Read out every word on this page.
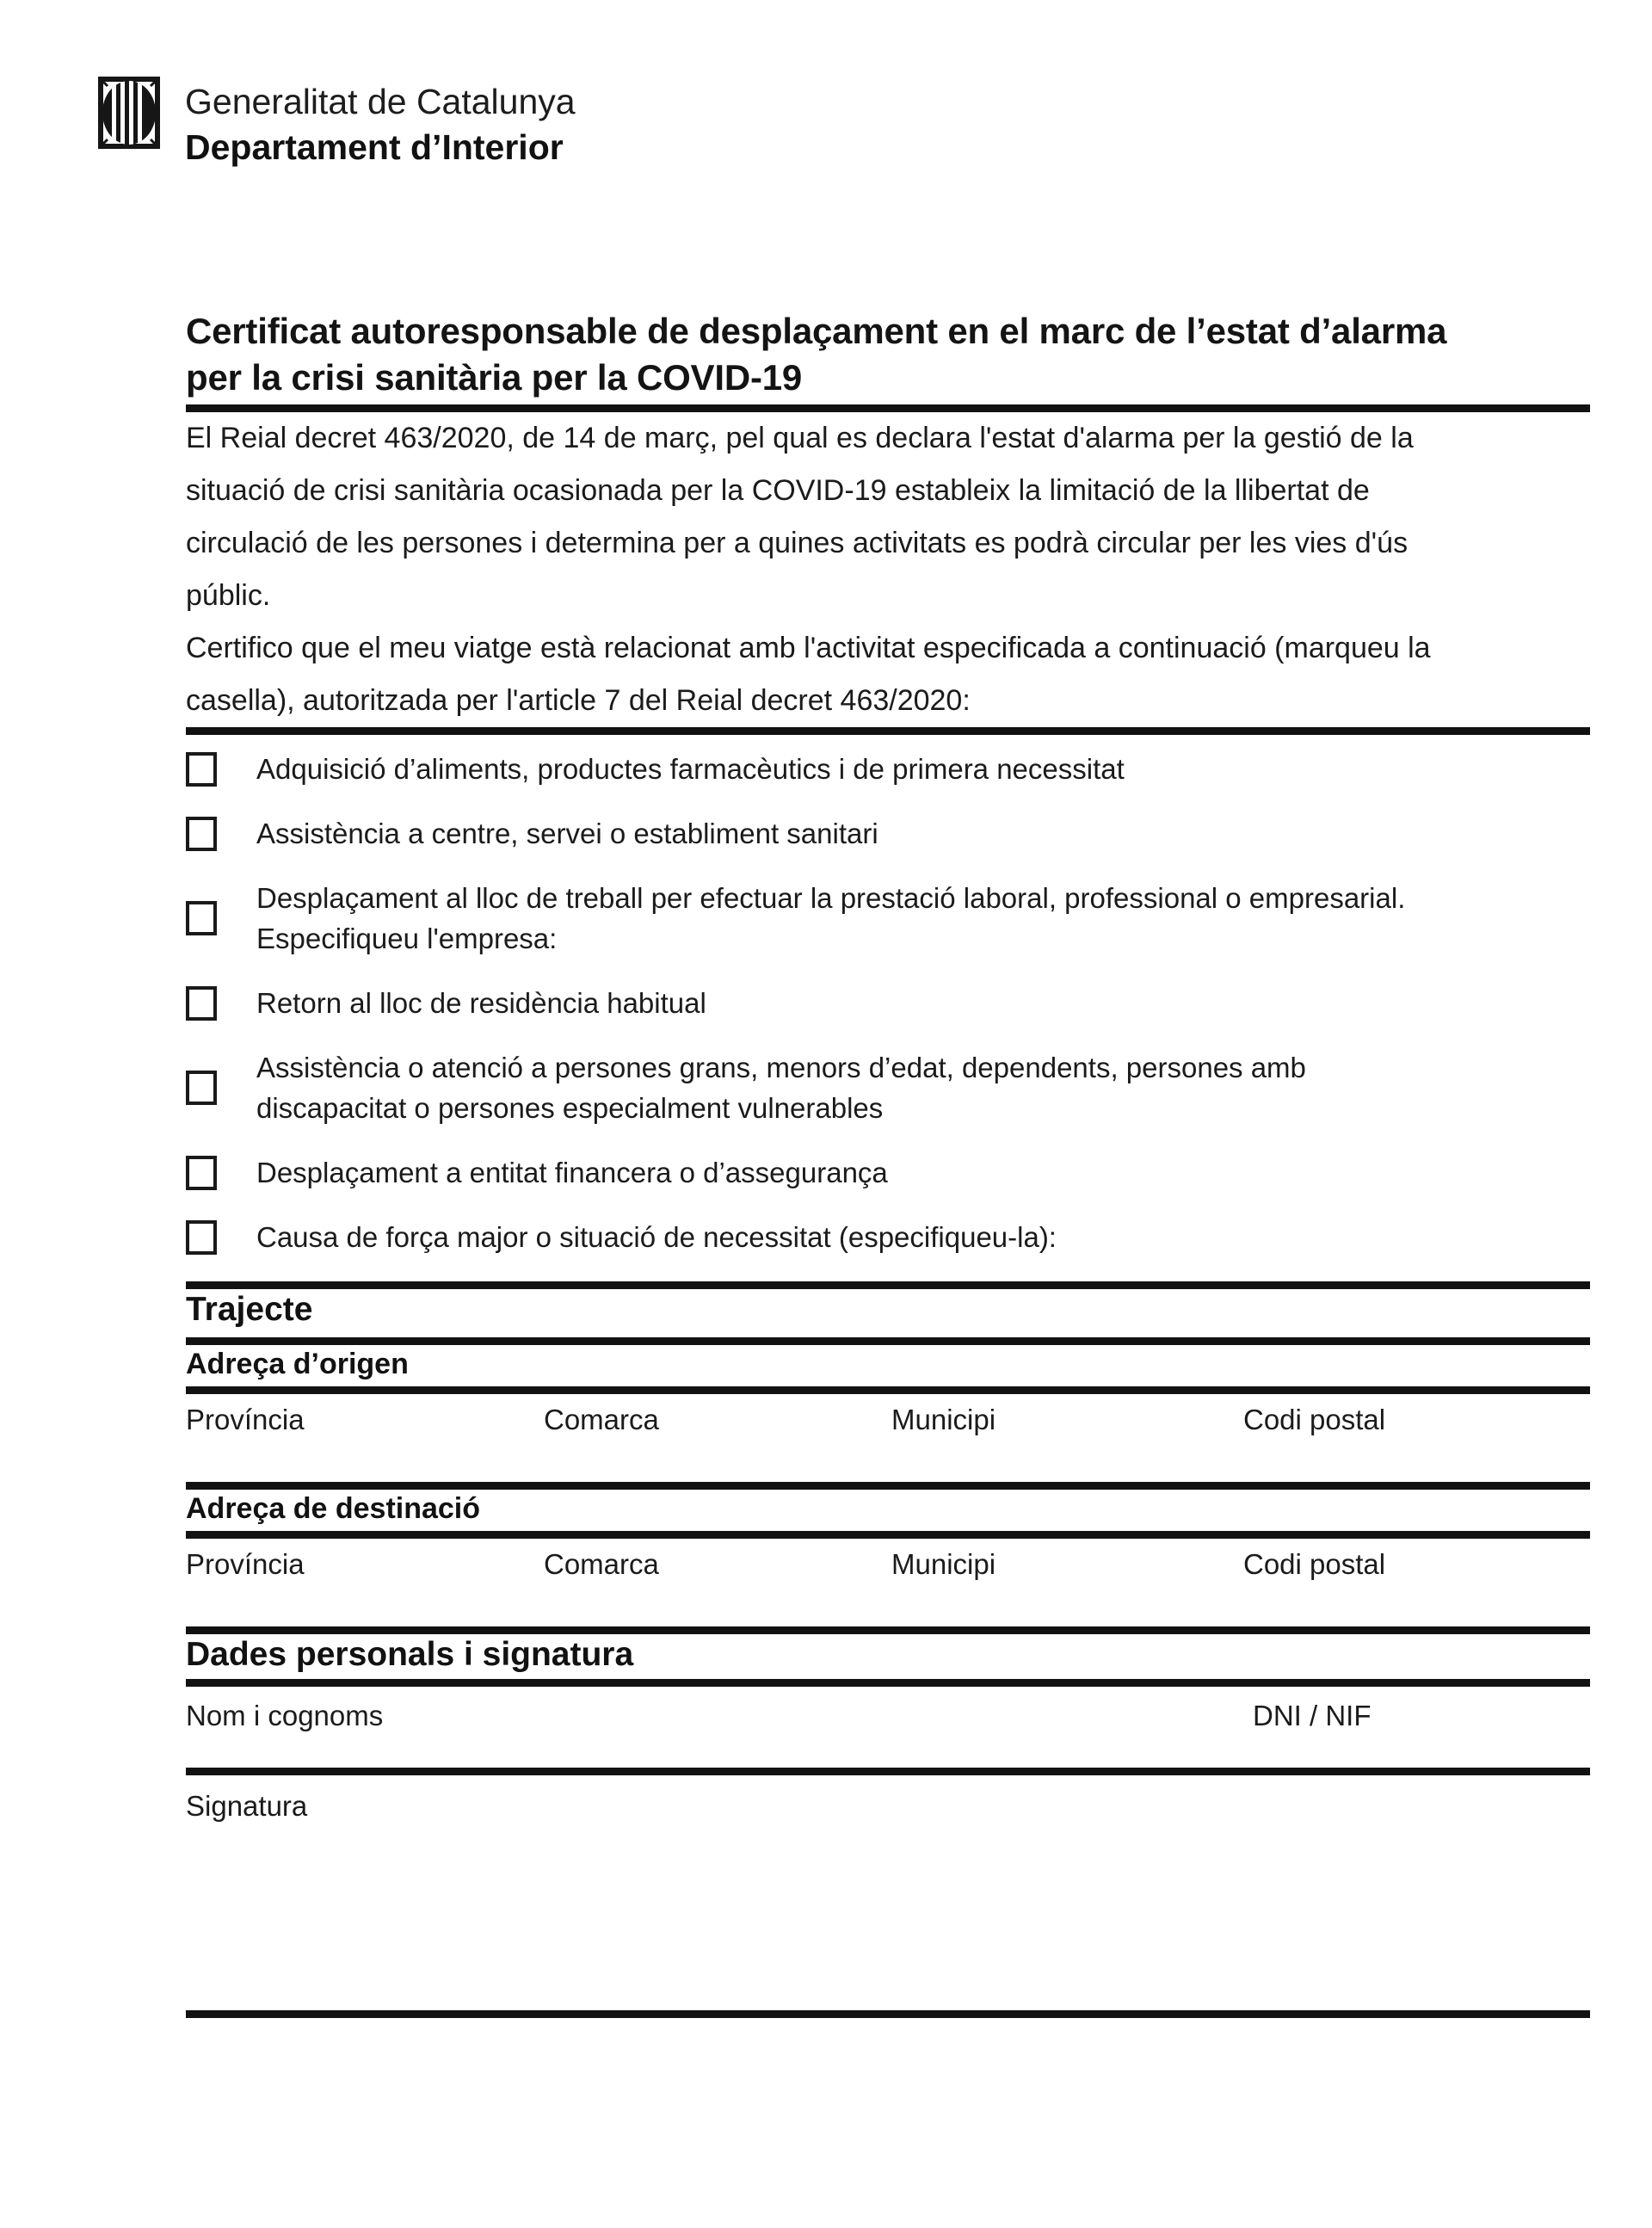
Generalitat de Catalunya
Departament d’Interior
Certificat autoresponsable de desplaçament en el marc de l’estat d’alarma
per la crisi sanitària per la COVID-19

El Reial decret 463/2020, de 14 de març, pel qual es declara l'estat d'alarma per la gestió de la
situació de crisi sanitària ocasionada per la COVID-19 estableix la limitació de la llibertat de
circulació de les persones i determina per a quines activitats es podrà circular per les vies d'ús
públic.

Certifico que el meu viatge està relacionat amb l'activitat especificada a continuació (marqueu la
casella), autoritzada per l'article 7 del Reial decret 463/2020:

Adquisició d’aliments, productes farmacèutics i de primera necessitat
Assistència a centre, servei o establiment sanitari
Desplaçament al lloc de treball per efectuar la prestació laboral, professional o empresarial.
Especifiqueu l'empresa:
Retorn al lloc de residència habitual
Assistència o atenció a persones grans, menors d’edat, dependents, persones amb
discapacitat o persones especialment vulnerables
Desplaçament a entitat financera o d’assegurança
Causa de força major o situació de necessitat (especifiqueu-la):
Trajecte
Adreça d’origen
Província	Comarca	Municipi	Codi postal
Adreça de destinació
Província	Comarca	Municipi	Codi postal
Dades personals i signatura
Nom i cognoms	DNI / NIF
Signatura
